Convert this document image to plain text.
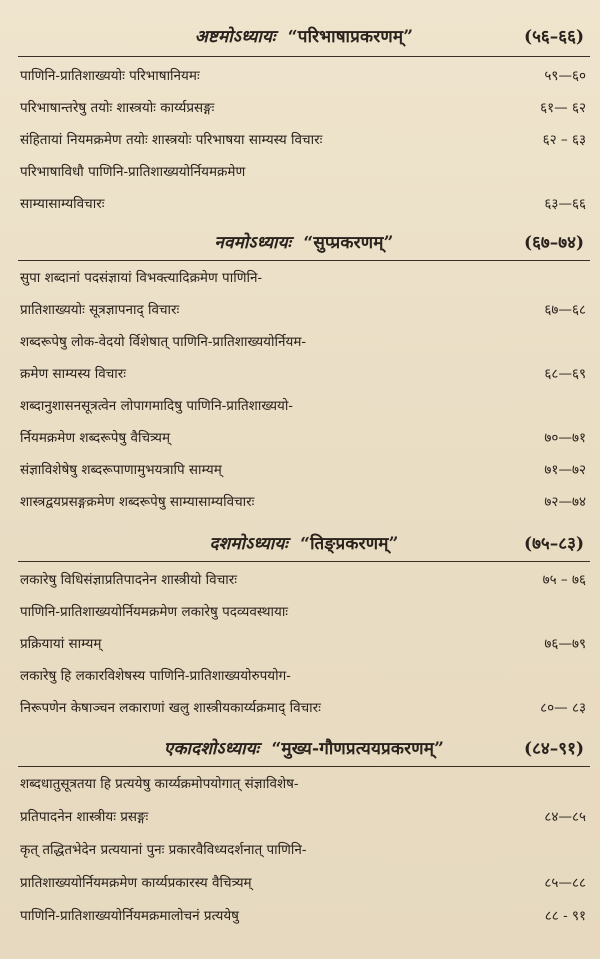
अष्टमोऽध्यायः “परिभाषाप्रकरणम्”	(५६–६६)
पाणिनि-प्रातिशाख्ययोः परिभाषानियमः	५९—६०
परिभाषान्तरेषु तयोः शास्त्रयोः कार्य्यप्रसङ्गः	६१— ६२
संहितायां नियमक्रमेण तयोः शास्त्रयोः परिभाषया साम्यस्य विचारः	६२ – ६३
परिभाषाविधौ पाणिनि-प्रातिशाख्ययोर्नियमक्रमेण
साम्यासाम्यविचारः	६३—६६
नवमोऽध्यायः “सुप्प्रकरणम्”	(६७–७४)
सुपा शब्दानां पदसंज्ञायां विभक्त्यादिक्रमेण पाणिनि-
प्रातिशाख्ययोः सूत्रज्ञापनाद् विचारः	६७—६८
शब्दरूपेषु लोक-वेदयो र्विशेषात् पाणिनि-प्रातिशाख्ययोर्नियम-
क्रमेण साम्यस्य विचारः	६८—६९
शब्दानुशासनसूत्रत्वेन लोपागमादिषु पाणिनि-प्रातिशाख्ययो-
र्नियमक्रमेण शब्दरूपेषु वैचित्र्यम्	७०—७१
संज्ञाविशेषेषु शब्दरूपाणामुभयत्रापि साम्यम्	७१—७२
शास्त्रद्वयप्रसङ्गक्रमेण शब्दरूपेषु साम्यासाम्यविचारः	७२—७४
दशमोऽध्यायः “तिङ्प्रकरणम्”	(७५–८३)
लकारेषु विधिसंज्ञाप्रतिपादनेन शास्त्रीयो विचारः	७५ – ७६
पाणिनि-प्रातिशाख्ययोर्नियमक्रमेण लकारेषु पदव्यवस्थायाः
प्रक्रियायां साम्यम्	७६—७९
लकारेषु हि लकारविशेषस्य पाणिनि-प्रातिशाख्ययोरुपयोग-
निरूपणेन केषाञ्चन लकाराणां खलु शास्त्रीयकार्य्यक्रमाद् विचारः	८०— ८३
एकादशोऽध्यायः “मुख्य-गौणप्रत्ययप्रकरणम्”	(८४–९१)
शब्दधातुसूत्रतया हि प्रत्ययेषु कार्य्यक्रमोपयोगात् संज्ञाविशेष-
प्रतिपादनेन शास्त्रीयः प्रसङ्गः	८४—८५
कृत् तद्धितभेदेन प्रत्ययानां पुनः प्रकारवैविध्यदर्शनात् पाणिनि-
प्रातिशाख्ययोर्नियमक्रमेण कार्य्यप्रकारस्य वैचित्र्यम्	८५—८८
पाणिनि-प्रातिशाख्ययोर्नियमक्रमालोचनं प्रत्ययेषु	८८ - ९१
